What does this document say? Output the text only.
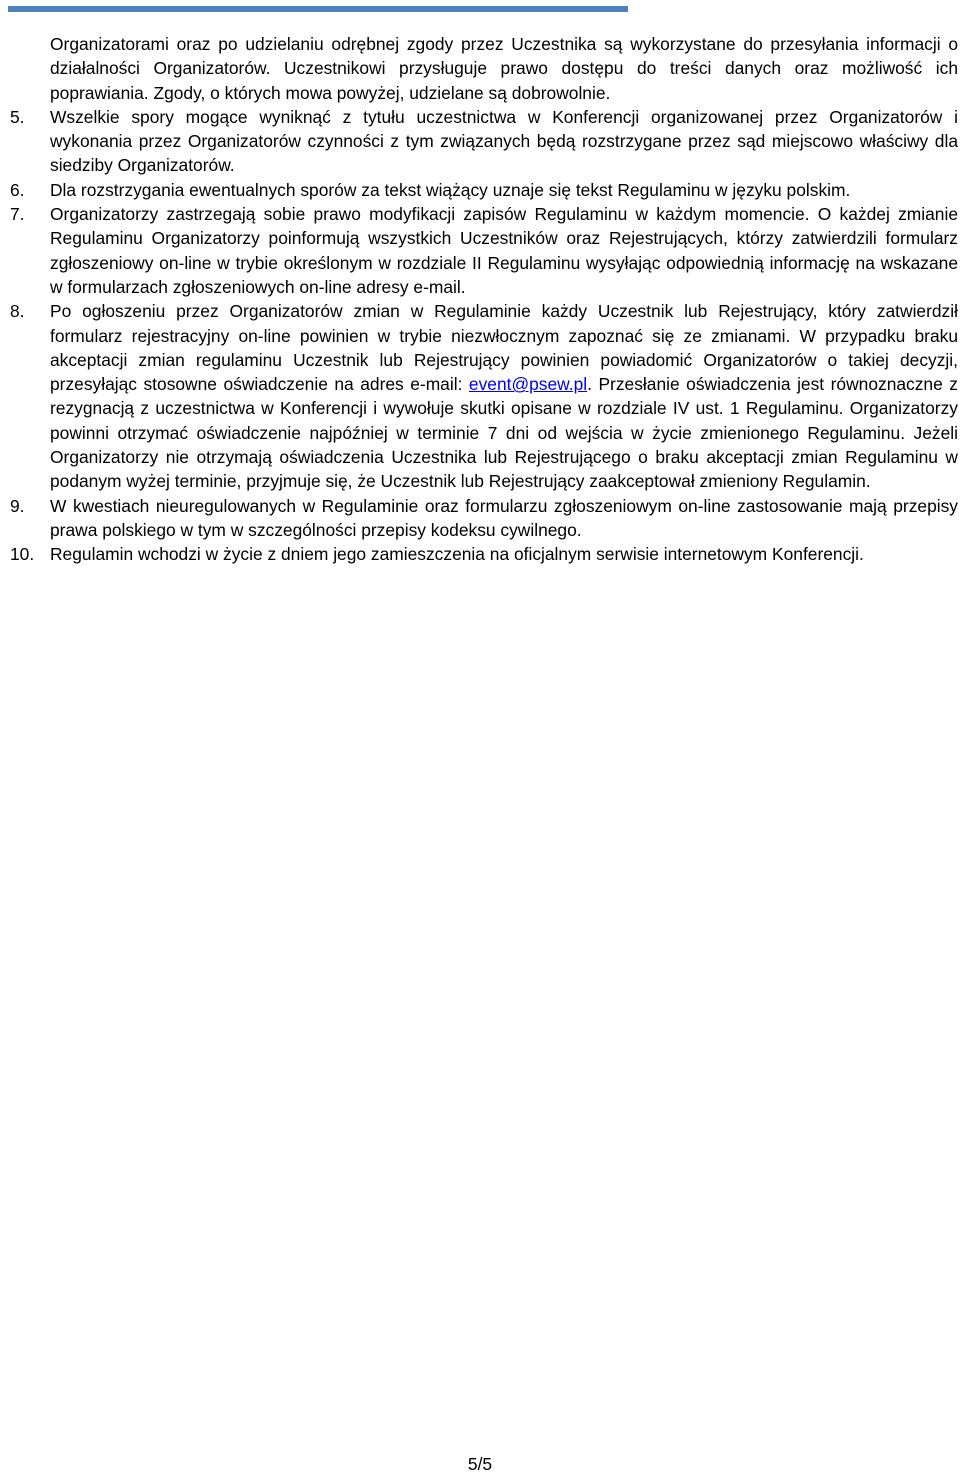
Organizatorami oraz po udzielaniu odrębnej zgody przez Uczestnika są wykorzystane do przesyłania informacji o działalności Organizatorów. Uczestnikowi przysługuje prawo dostępu do treści danych oraz możliwość ich poprawiania. Zgody, o których mowa powyżej, udzielane są dobrowolnie.

5.	Wszelkie spory mogące wyniknąć z tytułu uczestnictwa w Konferencji organizowanej przez Organizatorów i wykonania przez Organizatorów czynności z tym związanych będą rozstrzygane przez sąd miejscowo właściwy dla siedziby Organizatorów.
6.	Dla rozstrzygania ewentualnych sporów za tekst wiążący uznaje się tekst Regulaminu w języku polskim.
7.	Organizatorzy zastrzegają sobie prawo modyfikacji zapisów Regulaminu w każdym momencie. O każdej zmianie Regulaminu Organizatorzy poinformują wszystkich Uczestników oraz Rejestrujących, którzy zatwierdzili formularz zgłoszeniowy on-line w trybie określonym w rozdziale II Regulaminu wysyłając odpowiednią informację na wskazane w formularzach zgłoszeniowych on-line adresy e-mail.
8.	Po ogłoszeniu przez Organizatorów zmian w Regulaminie każdy Uczestnik lub Rejestrujący, który zatwierdził formularz rejestracyjny on-line powinien w trybie niezwłocznym zapoznać się ze zmianami. W przypadku braku akceptacji zmian regulaminu Uczestnik lub Rejestrujący powinien powiadomić Organizatorów o takiej decyzji, przesyłając stosowne oświadczenie na adres e-mail: event@psew.pl. Przesłanie oświadczenia jest równoznaczne z rezygnacją z uczestnictwa w Konferencji i wywołuje skutki opisane w rozdziale IV ust. 1 Regulaminu. Organizatorzy powinni otrzymać oświadczenie najpóźniej w terminie 7 dni od wejścia w życie zmienionego Regulaminu. Jeżeli Organizatorzy nie otrzymają oświadczenia Uczestnika lub Rejestrującego o braku akceptacji zmian Regulaminu w podanym wyżej terminie, przyjmuje się, że Uczestnik lub Rejestrujący zaakceptował zmieniony Regulamin.
9.	W kwestiach nieuregulowanych w Regulaminie oraz formularzu zgłoszeniowym on-line zastosowanie mają przepisy prawa polskiego w tym w szczególności przepisy kodeksu cywilnego.
10. Regulamin wchodzi w życie z dniem jego zamieszczenia na oficjalnym serwisie internetowym Konferencji.
5/5
